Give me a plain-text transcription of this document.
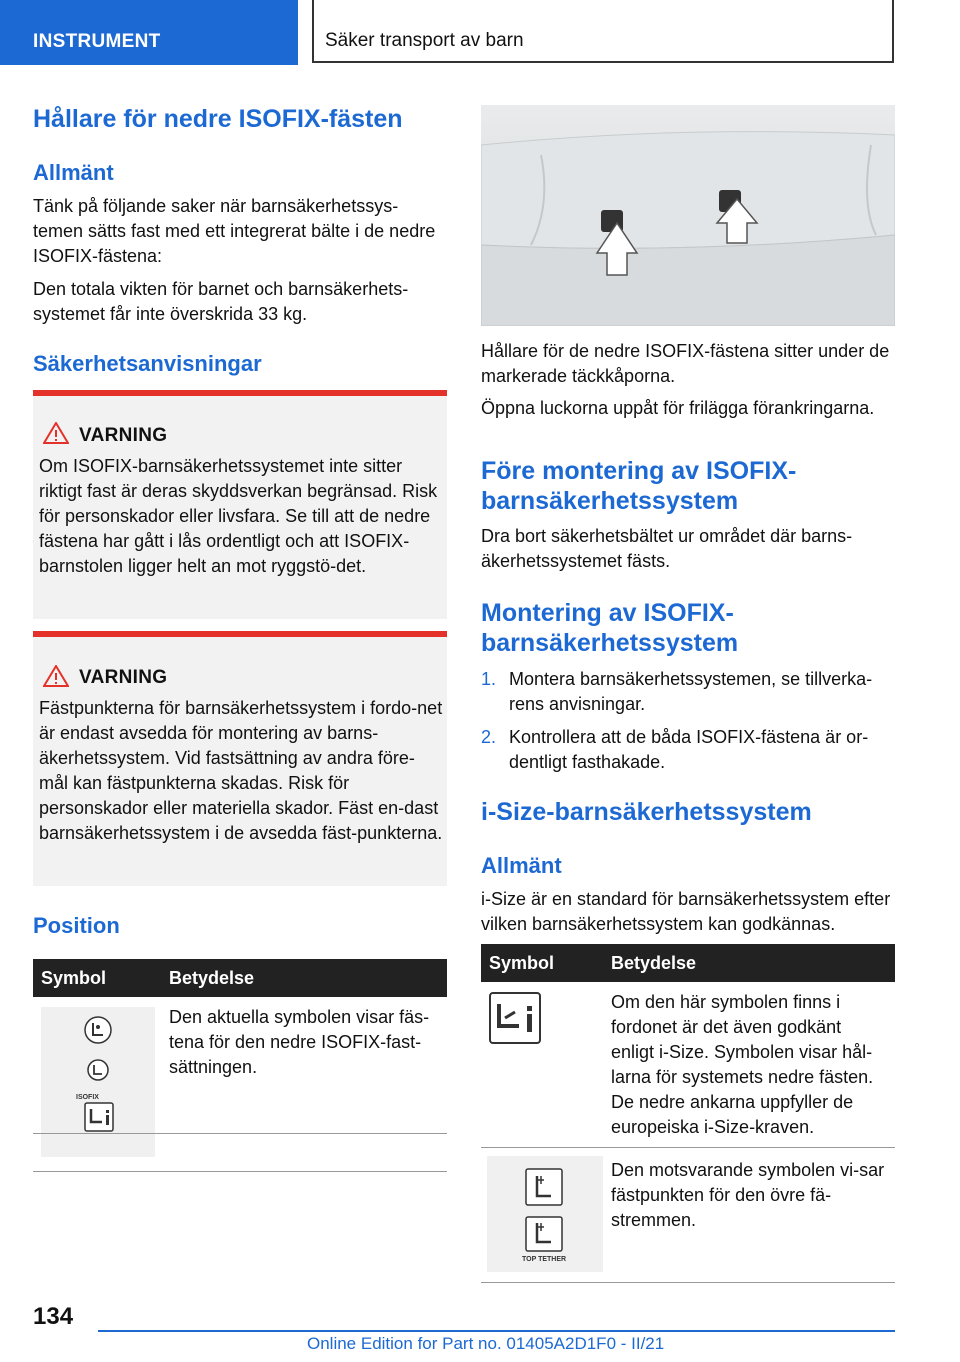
INSTRUMENT	Säker transport av barn
Hållare för nedre ISOFIX-fästen
Allmänt
Tänk på följande saker när barnsäkerhetssys-temen sätts fast med ett integrerat bälte i de nedre ISOFIX-fästena:
Den totala vikten för barnet och barnsäkerhets-systemet får inte överskrida 33 kg.
Säkerhetsanvisningar
VARNING
Om ISOFIX-barnsäkerhetssystemet inte sitter riktigt fast är deras skyddsverkan begränsad. Risk för personskador eller livsfara. Se till att de nedre fästena har gått i lås ordentligt och att ISOFIX-barnstolen ligger helt an mot ryggstö-det.
VARNING
Fästpunkterna för barnsäkerhetssystem i fordo-net är endast avsedda för montering av barns-äkerhetssystem. Vid fastsättning av andra före-mål kan fästpunkterna skadas. Risk för personskador eller materiella skador. Fäst en-dast barnsäkerhetssystem i de avsedda fäst-punkterna.
Position
Symbol	Betydelse

ISOFIX	Den aktuella symbolen visar fäs-tena för den nedre ISOFIX-fast-sättningen.
Hållare för de nedre ISOFIX-fästena sitter under de markerade täckkåporna.
Öppna luckorna uppåt för frilägga förankringarna.
Före montering av ISOFIX-barnsäkerhetssystem
Dra bort säkerhetsbältet ur området där barns-äkerhetssystemet fästs.
Montering av ISOFIX-barnsäkerhetssystem
1. Montera barnsäkerhetssystemen, se tillverka-rens anvisningar.
2. Kontrollera att de båda ISOFIX-fästena är or-dentligt fasthakade.
i-Size-barnsäkerhetssystem
Allmänt
i-Size är en standard för barnsäkerhetssystem efter vilken barnsäkerhetssystem kan godkännas.
Symbol	Betydelse
	Om den här symbolen finns i fordonet är det även godkänt enligt i-Size. Symbolen visar hål-larna för systemets nedre fästen. De nedre ankarna uppfyller de europeiska i-Size-kraven.
TOP TETHER
Den motsvarande symbolen vi-sar fästpunkten för den övre fä-stremmen.
134
Online Edition for Part no. 01405A2D1F0 - II/21
